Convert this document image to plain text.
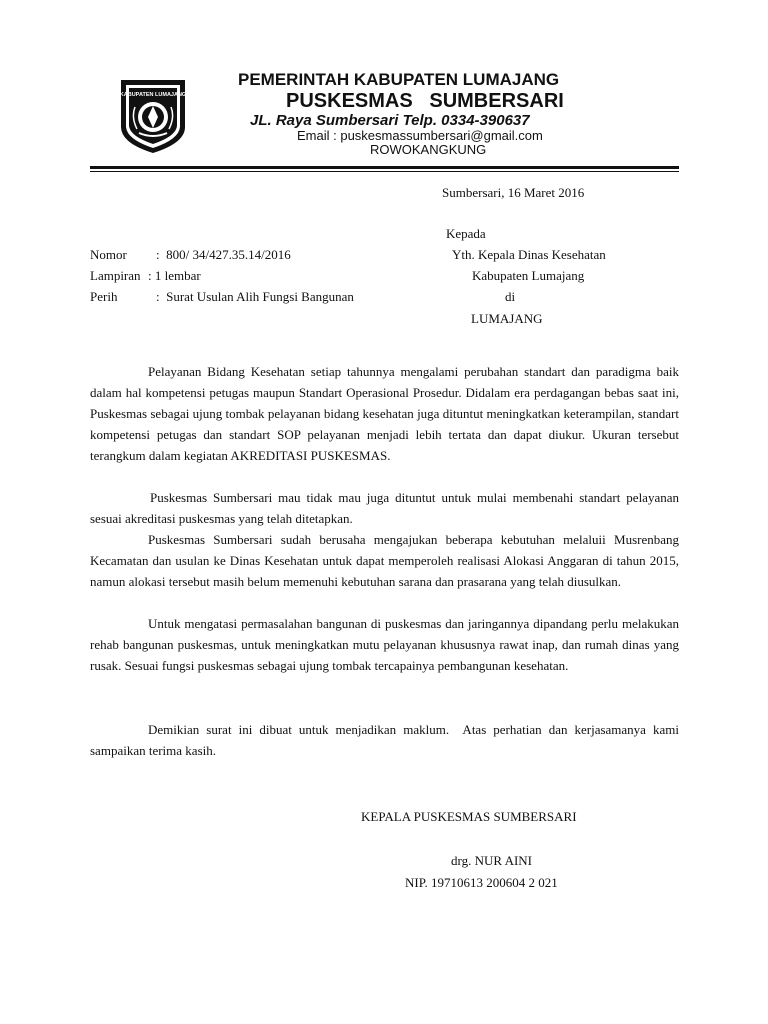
KABUPATEN LUMAJANG
PEMERINTAH KABUPATEN LUMAJANG
PUSKESMAS   SUMBERSARI
JL. Raya Sumbersari Telp. 0334-390637
Email : puskesmassumbersari@gmail.com
ROWOKANGKUNG
Sumbersari, 16 Maret 2016
Kepada
Yth. Kepala Dinas Kesehatan
Kabupaten Lumajang
di
LUMAJANG
Nomor :  800/ 34/427.35.14/2016
Lampiran : 1 lembar
Perih	:  Surat Usulan Alih Fungsi Bangunan
Pelayanan Bidang Kesehatan setiap tahunnya mengalami perubahan standart dan paradigma baik dalam hal kompetensi petugas maupun Standart Operasional Prosedur. Didalam era perdagangan bebas saat ini, Puskesmas sebagai ujung tombak pelayanan bidang kesehatan juga dituntut meningkatkan keterampilan, standart kompetensi petugas dan standart SOP pelayanan menjadi lebih tertata dan dapat diukur. Ukuran tersebut terangkum dalam kegiatan AKREDITASI PUSKESMAS.
Puskesmas Sumbersari mau tidak mau juga dituntut untuk mulai membenahi standart pelayanan sesuai akreditasi puskesmas yang telah ditetapkan.
Puskesmas Sumbersari sudah berusaha mengajukan beberapa kebutuhan melaluii Musrenbang Kecamatan dan usulan ke Dinas Kesehatan untuk dapat memperoleh realisasi Alokasi Anggaran di tahun 2015, namun alokasi tersebut masih belum memenuhi kebutuhan sarana dan prasarana yang telah diusulkan.
Untuk mengatasi permasalahan bangunan di puskesmas dan jaringannya dipandang perlu melakukan rehab bangunan puskesmas, untuk meningkatkan mutu pelayanan khususnya rawat inap, dan rumah dinas yang rusak. Sesuai fungsi puskesmas sebagai ujung tombak tercapainya pembangunan kesehatan.
Demikian surat ini dibuat untuk menjadikan maklum.  Atas perhatian dan kerjasamanya kami sampaikan terima kasih.
KEPALA PUSKESMAS SUMBERSARI
drg. NUR AINI
NIP. 19710613 200604 2 021
